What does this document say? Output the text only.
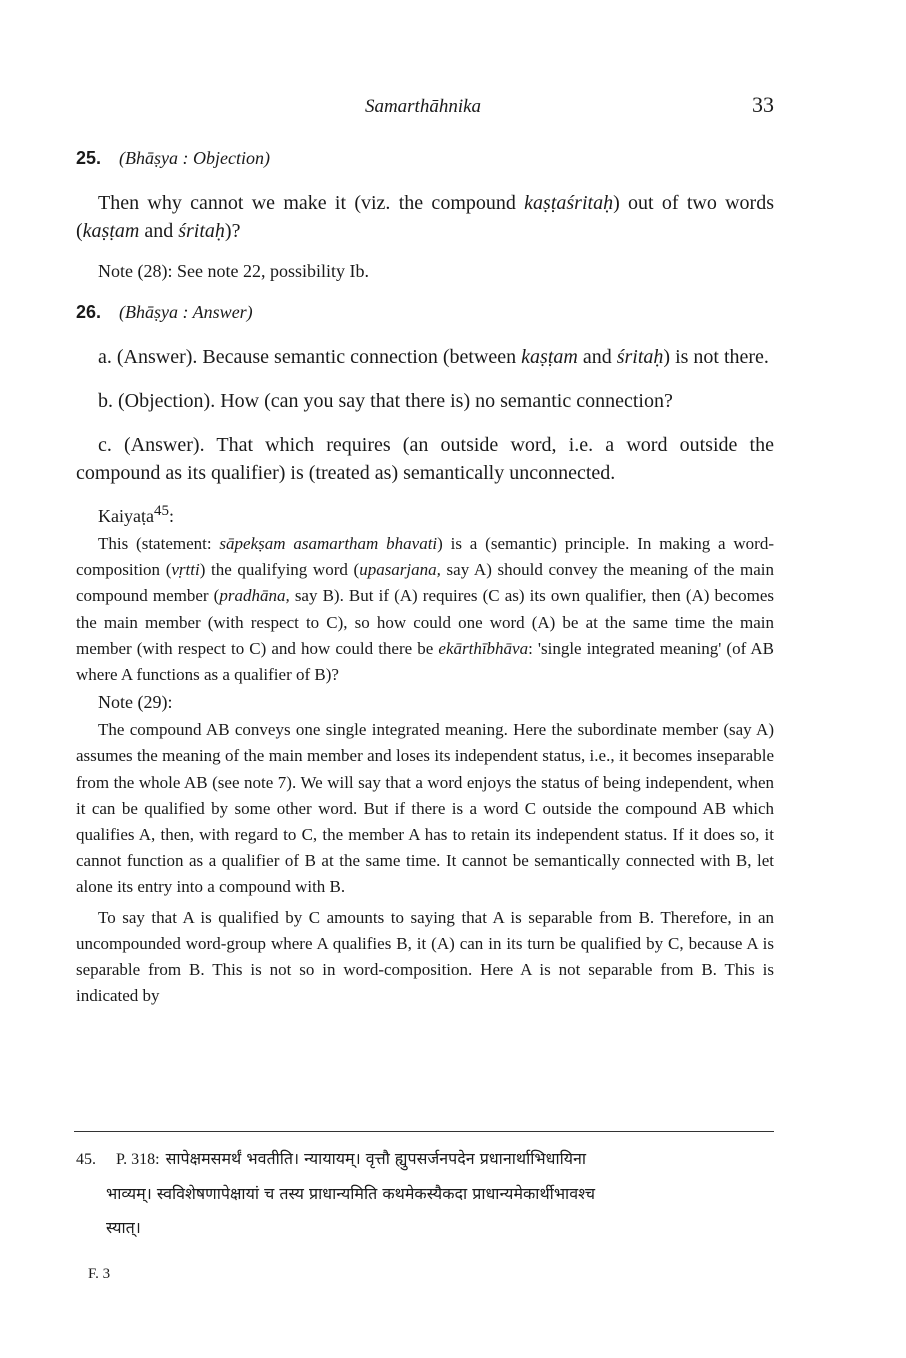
Samarthāhnika	33
25. (Bhāṣya : Objection)

Then why cannot we make it (viz. the compound kaṣṭaśritaḥ) out of two words (kaṣṭam and śritaḥ)?

Note (28): See note 22, possibility Ib.
26. (Bhāṣya : Answer)

a. (Answer). Because semantic connection (between kaṣṭam and śritaḥ) is not there.

b. (Objection). How (can you say that there is) no semantic connection?

c. (Answer). That which requires (an outside word, i.e. a word outside the compound as its qualifier) is (treated as) semantically unconnected.

Kaiyaṭa$^{45}$:

This (statement: sāpekṣam asamartham bhavati) is a (semantic) principle. In making a word-composition (vṛtti) the qualifying word (upasarjana, say A) should convey the meaning of the main compound member (pradhāna, say B). But if (A) requires (C as) its own qualifier, then (A) becomes the main member (with respect to C), so how could one word (A) be at the same time the main member (with respect to C) and how could there be ekārthībhāva: 'single integrated meaning' (of AB where A functions as a qualifier of B)?

Note (29):

The compound AB conveys one single integrated meaning. Here the subordinate member (say A) assumes the meaning of the main member and loses its independent status, i.e., it becomes inseparable from the whole AB (see note 7). We will say that a word enjoys the status of being independent, when it can be qualified by some other word. But if there is a word C outside the compound AB which qualifies A, then, with regard to C, the member A has to retain its independent status. If it does so, it cannot function as a qualifier of B at the same time. It cannot be semantically connected with B, let alone its entry into a compound with B.

To say that A is qualified by C amounts to saying that A is separable from B. Therefore, in an uncompounded word-group where A qualifies B, it (A) can in its turn be qualified by C, because A is separable from B. This is not so in word-composition. Here A is not separable from B. This is indicated by

45. P. 318: सापेक्षमसमर्थं भवतीति। न्यायायम्। वृत्तौ ह्युपसर्जनपदेन प्रधानार्थाभिधायिना
भाव्यम्। स्वविशेषणापेक्षायां च तस्य प्राधान्यमिति कथमेकस्यैकदा प्राधान्यमेकार्थीभावश्च
स्यात्।
F. 3
